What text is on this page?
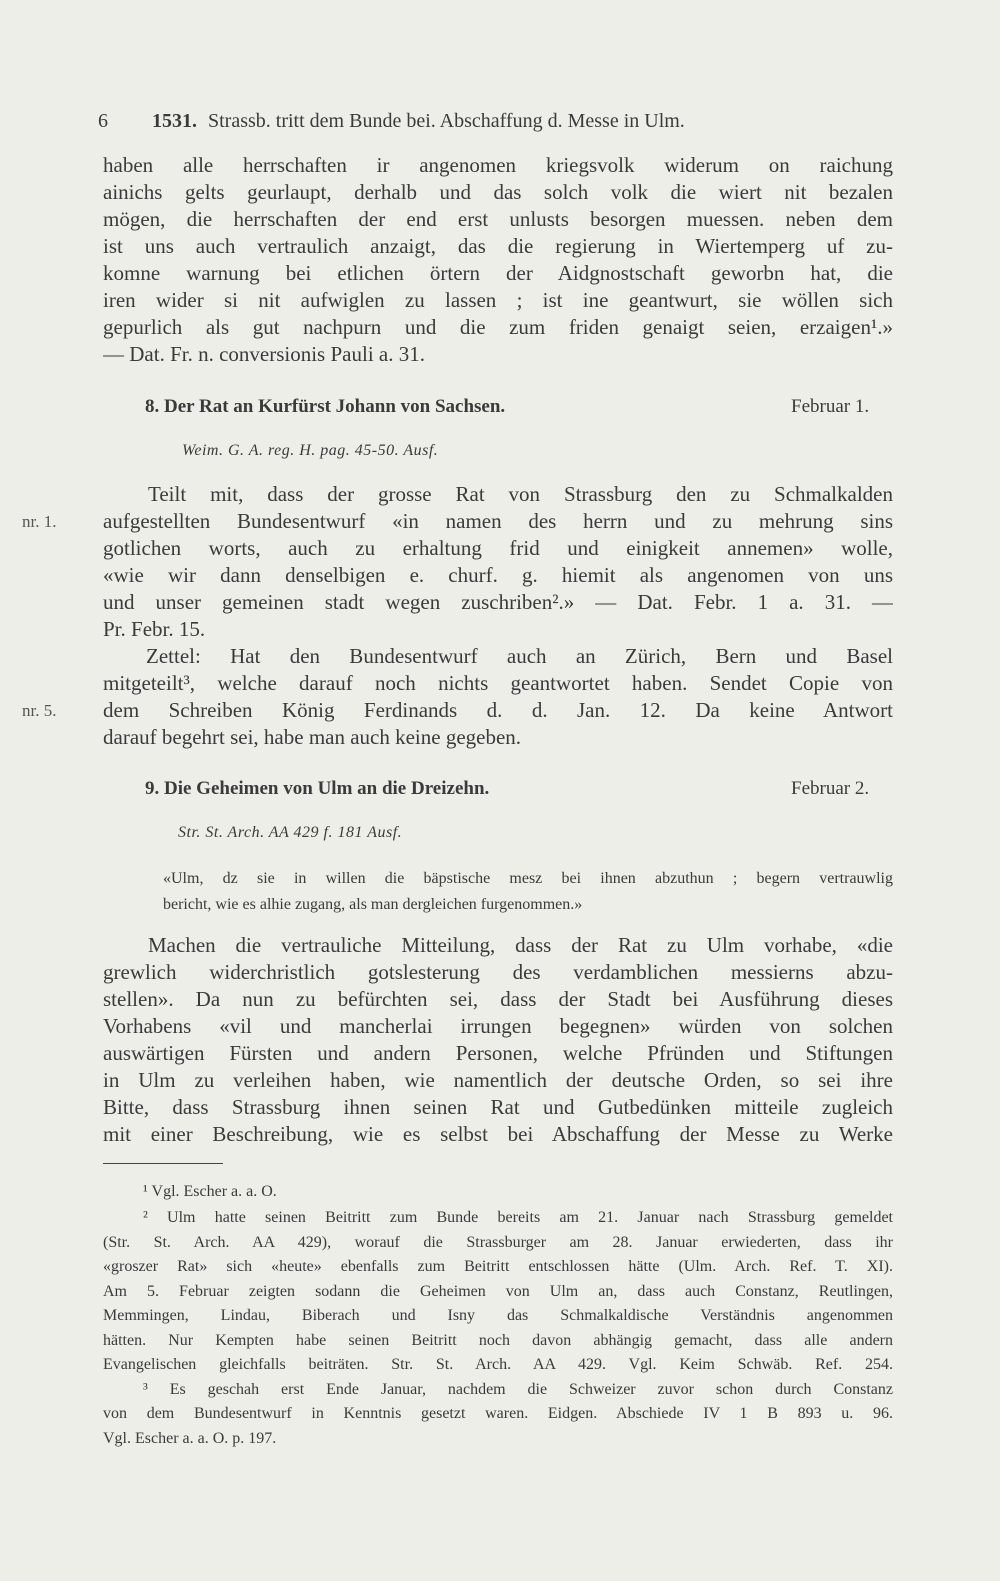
6 1531. Strassb. tritt dem Bunde bei. Abschaffung d. Messe in Ulm.
haben alle herrschaften ir angenomen kriegsvolk widerum on raichung
ainichs gelts geurlaupt, derhalb und das solch volk die wiert nit bezalen
mögen, die herrschaften der end erst unlusts besorgen muessen. neben dem
ist uns auch vertraulich anzaigt, das die regierung in Wiertemperg uf zu-
komne warnung bei etlichen örtern der Aidgnostschaft geworbn hat, die
iren wider si nit aufwiglen zu lassen ; ist ine geantwurt, sie wöllen sich
gepurlich als gut nachpurn und die zum friden genaigt seien, erzaigen¹.»
— Dat. Fr. n. conversionis Pauli a. 31.
8. Der Rat an Kurfürst Johann von Sachsen.	Februar 1.
Weim. G. A. reg. H. pag. 45-50. Ausf.
Teilt mit, dass der grosse Rat von Strassburg den zu Schmalkalden
aufgestellten Bundesentwurf «in namen des herrn und zu mehrung sins
gotlichen worts, auch zu erhaltung frid und einigkeit annemen» wolle,
«wie wir dann denselbigen e. churf. g. hiemit als angenomen von uns
und unser gemeinen stadt wegen zuschriben².» — Dat. Febr. 1 a. 31. —
Pr. Febr. 15.
Zettel: Hat den Bundesentwurf auch an Zürich, Bern und Basel
mitgeteilt³, welche darauf noch nichts geantwortet haben. Sendet Copie von
dem Schreiben König Ferdinands d. d. Jan. 12. Da keine Antwort
darauf begehrt sei, habe man auch keine gegeben.
nr. 1.
nr. 5.
9. Die Geheimen von Ulm an die Dreizehn.	Februar 2.
Str. St. Arch. AA 429 f. 181 Ausf.
«Ulm, dz sie in willen die bäpstische mesz bei ihnen abzuthun ; begern vertrauwlig
bericht, wie es alhie zugang, als man dergleichen furgenommen.»
Machen die vertrauliche Mitteilung, dass der Rat zu Ulm vorhabe, «die
grewlich widerchristlich gotslesterung des verdamblichen messierns abzu-
stellen». Da nun zu befürchten sei, dass der Stadt bei Ausführung dieses
Vorhabens «vil und mancherlai irrungen begegnen» würden von solchen
auswärtigen Fürsten und andern Personen, welche Pfründen und Stiftungen
in Ulm zu verleihen haben, wie namentlich der deutsche Orden, so sei ihre
Bitte, dass Strassburg ihnen seinen Rat und Gutbedünken mitteile zugleich
mit einer Beschreibung, wie es selbst bei Abschaffung der Messe zu Werke
¹ Vgl. Escher a. a. O.
² Ulm hatte seinen Beitritt zum Bunde bereits am 21. Januar nach Strassburg gemeldet
(Str. St. Arch. AA 429), worauf die Strassburger am 28. Januar erwiederten, dass ihr
«groszer Rat» sich «heute» ebenfalls zum Beitritt entschlossen hätte (Ulm. Arch. Ref. T. XI).
Am 5. Februar zeigten sodann die Geheimen von Ulm an, dass auch Constanz, Reutlingen,
Memmingen, Lindau, Biberach und Isny das Schmalkaldische Verständnis angenommen
hätten. Nur Kempten habe seinen Beitritt noch davon abhängig gemacht, dass alle andern
Evangelischen gleichfalls beiträten. Str. St. Arch. AA 429. Vgl. Keim Schwäb. Ref. 254.
³ Es geschah erst Ende Januar, nachdem die Schweizer zuvor schon durch Constanz
von dem Bundesentwurf in Kenntnis gesetzt waren. Eidgen. Abschiede IV 1 B 893 u. 96.
Vgl. Escher a. a. O. p. 197.
